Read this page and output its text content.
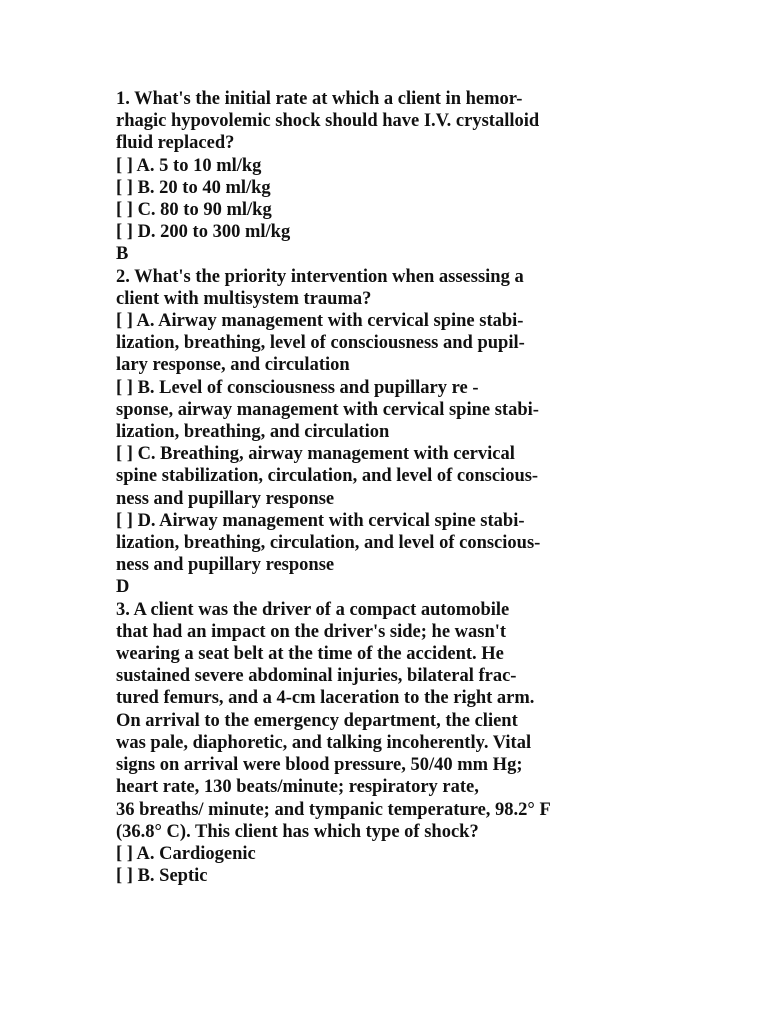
1. What's the initial rate at which a client in hemor-
rhagic hypovolemic shock should have I.V. crystalloid
fluid replaced?
[ ] A. 5 to 10 ml/kg
[ ] B. 20 to 40 ml/kg
[ ] C. 80 to 90 ml/kg
[ ] D. 200 to 300 ml/kg
B
2. What's the priority intervention when assessing a
client with multisystem trauma?
[ ] A. Airway management with cervical spine stabi-
lization, breathing, level of consciousness and pupil-
lary response, and circulation
[ ] B. Level of consciousness and pupillary re -
sponse, airway management with cervical spine stabi-
lization, breathing, and circulation
[ ] C. Breathing, airway management with cervical
spine stabilization, circulation, and level of conscious-
ness and pupillary response
[ ] D. Airway management with cervical spine stabi-
lization, breathing, circulation, and level of conscious-
ness and pupillary response
D
3. A client was the driver of a compact automobile
that had an impact on the driver's side; he wasn't
wearing a seat belt at the time of the accident. He
sustained severe abdominal injuries, bilateral frac-
tured femurs, and a 4-cm laceration to the right arm.
On arrival to the emergency department, the client
was pale, diaphoretic, and talking incoherently. Vital
signs on arrival were blood pressure, 50/40 mm Hg;
heart rate, 130 beats/minute; respiratory rate,
36 breaths/ minute; and tympanic temperature, 98.2° F
(36.8° C). This client has which type of shock?
[ ] A. Cardiogenic
[ ] B. Septic
